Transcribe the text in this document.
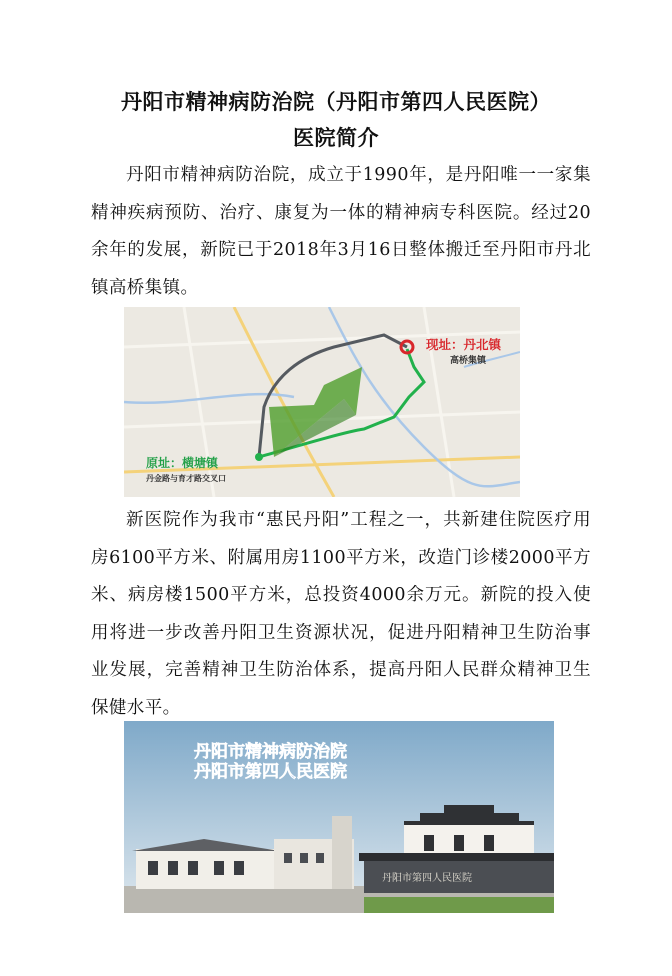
丹阳市精神病防治院（丹阳市第四人民医院）
医院简介

丹阳市精神病防治院，成立于1990年，是丹阳唯一一家集精神疾病预防、治疗、康复为一体的精神病专科医院。经过20余年的发展，新院已于2018年3月16日整体搬迁至丹阳市丹北镇高桥集镇。

现址：丹北镇
高桥集镇
原址：横塘镇
丹金路与育才路交叉口

新医院作为我市“惠民丹阳”工程之一，共新建住院医疗用房6100平方米、附属用房1100平方米，改造门诊楼2000平方米、病房楼1500平方米，总投资4000余万元。新院的投入使用将进一步改善丹阳卫生资源状况，促进丹阳精神卫生防治事业发展，完善精神卫生防治体系，提高丹阳人民群众精神卫生保健水平。

丹阳市第四人民医院
丹阳市精神病防治院
丹阳市第四人民医院
